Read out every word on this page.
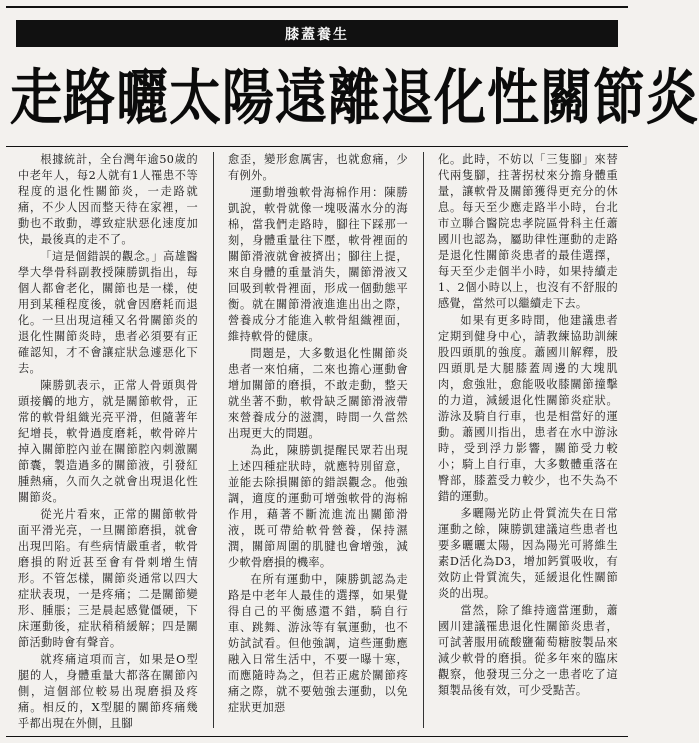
膝蓋養生
走路曬太陽 遠離退化性關節炎

根據統計，全台灣年逾50歲的中老年人，每2人就有1人罹患不等程度的退化性關節炎，一走路就痛，不少人因而整天待在家裡，一動也不敢動，導致症狀惡化速度加快，最後真的走不了。

「這是個錯誤的觀念。」高雄醫學大學骨科副教授陳勝凱指出，每個人都會老化，關節也是一樣，使用到某種程度後，就會因磨耗而退化。一旦出現這種又名骨關節炎的退化性關節炎時，患者必須要有正確認知，才不會讓症狀急遽惡化下去。

陳勝凱表示，正常人骨頭與骨頭接觸的地方，就是關節軟骨，正常的軟骨組織光亮平滑，但隨著年紀增長，軟骨過度磨耗，軟骨碎片掉入關節腔內並在關節腔內刺激關節囊，製造過多的關節液，引發紅腫熱痛，久而久之就會出現退化性關節炎。

從光片看來，正常的關節軟骨面平滑光亮，一旦關節磨損，就會出現凹陷。有些病情嚴重者，軟骨磨損的附近甚至會有骨刺增生情形。不管怎樣，關節炎通常以四大症狀表現，一是疼痛；二是關節變形、腫脹；三是晨起感覺僵硬，下床運動後，症狀稍稍緩解；四是關節活動時會有聲音。

就疼痛這項而言，如果是O型腿的人，身體重量大都落在關節內側，這個部位較易出現磨損及疼痛。相反的，X型腿的關節疼痛幾乎都出現在外側，且腳

愈歪，變形愈厲害，也就愈痛，少有例外。

運動增強軟骨海棉作用：陳勝凱說，軟骨就像一塊吸滿水分的海棉，當我們走路時，腳往下踩那一刻，身體重量往下壓，軟骨裡面的關節滑液就會被擠出；腳往上提，來自身體的重量消失，關節滑液又回吸到軟骨裡面，形成一個動態平衡。就在關節滑液進進出出之際，營養成分才能進入軟骨組織裡面，維持軟骨的健康。

問題是，大多數退化性關節炎患者一來怕痛，二來也擔心運動會增加關節的磨損，不敢走動，整天就坐著不動，軟骨缺乏關節滑液帶來營養成分的滋潤，時間一久當然出現更大的問題。

為此，陳勝凱提醒民眾若出現上述四種症狀時，就應特別留意，並能去除損關節的錯誤觀念。他強調，適度的運動可增強軟骨的海棉作用，藉著不斷流進流出關節滑液，既可帶給軟骨營養，保持濕潤，關節周圍的肌腱也會增強，減少軟骨磨損的機率。

在所有運動中，陳勝凱認為走路是中老年人最佳的選擇，如果覺得自己的平衡感還不錯，騎自行車、跳舞、游泳等有氧運動，也不妨試試看。但他強調，這些運動應融入日常生活中，不要一曝十寒，而應隨時為之，但若正處於關節疼痛之際，就不要勉強去運動，以免症狀更加惡

化。此時，不妨以「三隻腳」來替代兩隻腳，拄著拐杖來分擔身體重量，讓軟骨及關節獲得更充分的休息。每天至少應走路半小時，台北市立聯合醫院忠孝院區骨科主任蕭國川也認為，屬助律性運動的走路是退化性關節炎患者的最佳選擇，每天至少走個半小時，如果持續走1、2個小時以上，也沒有不舒服的感覺，當然可以繼續走下去。

如果有更多時間，他建議患者定期到健身中心，請教練協助訓練股四頭肌的強度。蕭國川解釋，股四頭肌是大腿膝蓋周邊的大塊肌肉，愈強壯，愈能吸收膝關節撞擊的力道，減緩退化性關節炎症狀。游泳及騎自行車，也是相當好的運動。蕭國川指出，患者在水中游泳時，受到浮力影響，關節受力較小；騎上自行車，大多數體重落在臀部，膝蓋受力較少，也不失為不錯的運動。

多曬陽光防止骨質流失在日常運動之餘，陳勝凱建議這些患者也要多曬曬太陽，因為陽光可將維生素D活化為D3，增加鈣質吸收，有效防止骨質流失，延緩退化性關節炎的出現。

當然，除了維持適當運動，蕭國川建議罹患退化性關節炎患者，可試著服用硫酸鹽葡萄糖胺製品來減少軟骨的磨損。從多年來的臨床觀察，他發現三分之一患者吃了這類製品後有效，可少受點苦。
